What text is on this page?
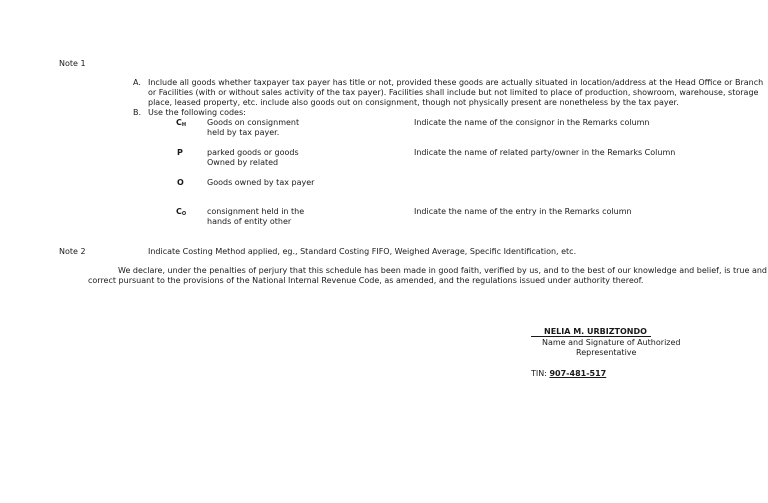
Note 1
A. Include all goods whether taxpayer tax payer has title or not, provided these goods are actually situated in location/address at the Head Office or Branch
or Facilities (with or without sales activity of the tax payer). Facilities shall include but not limited to place of production, showroom, warehouse, storage
place, leased property, etc. include also goods out on consignment, though not physically present are nonetheless by the tax payer.
B. Use the following codes:
CH	Goods on consignment
held by tax payer.
Indicate the name of the consignor in the Remarks column
P	parked goods or goods
Owned by related
Indicate the name of related party/owner in the Remarks Column
O	Goods owned by tax payer
CO	consignment held in the
hands of entity other
Indicate the name of the entry in the Remarks column
Note 2	Indicate Costing Method applied, eg., Standard Costing FIFO, Weighed Average, Specific Identification, etc.
We declare, under the penalties of perjury that this schedule has been made in good faith, verified by us, and to the best of our knowledge and belief, is true and
correct pursuant to the provisions of the National Internal Revenue Code, as amended, and the regulations issued under authority thereof.
NELIA M. URBIZTONDO
Name and Signature of Authorized
Representative
TIN: 907-481-517
